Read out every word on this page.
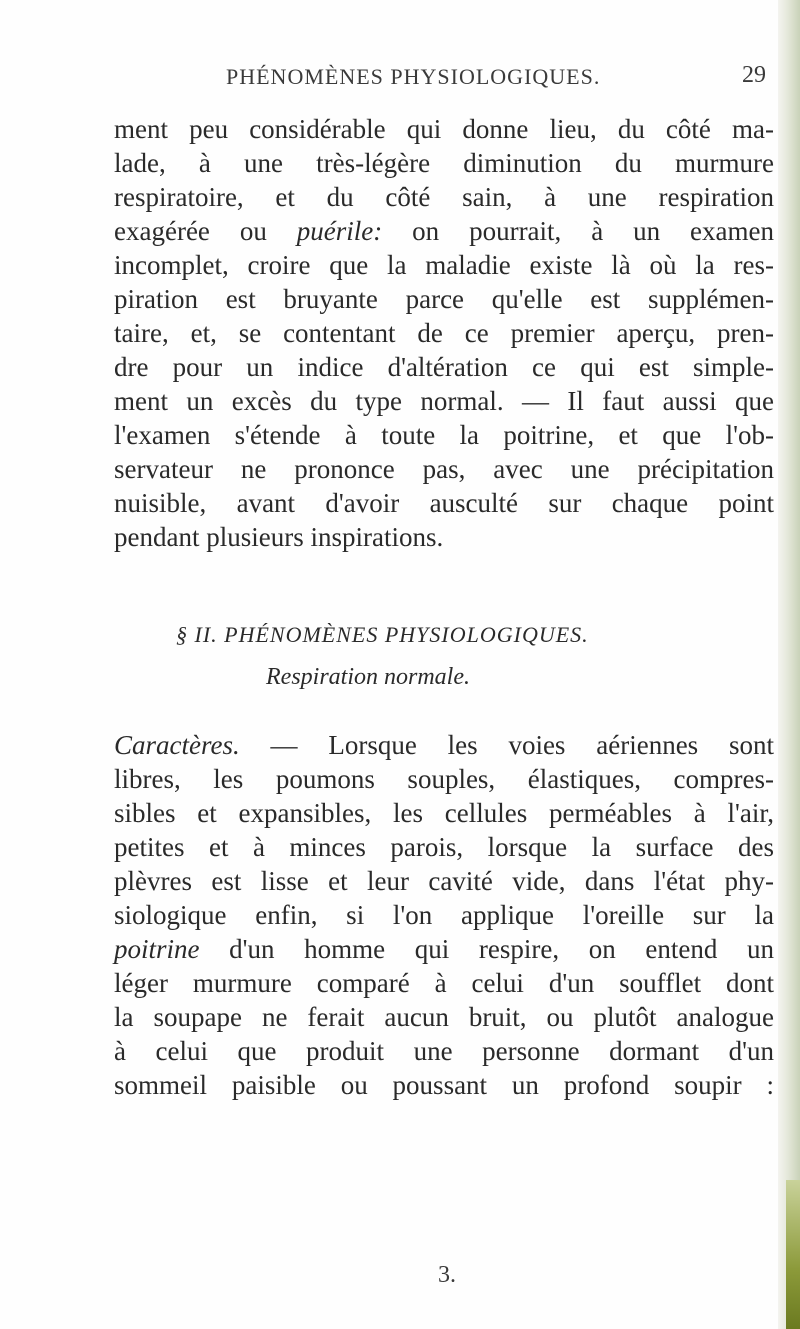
PHÉNOMÈNES PHYSIOLOGIQUES.	29
ment peu considérable qui donne lieu, du côté ma-
lade, à une très-légère diminution du murmure
respiratoire, et du côté sain, à une respiration
exagérée ou puérile: on pourrait, à un examen
incomplet, croire que la maladie existe là où la res-
piration est bruyante parce qu'elle est supplémen-
taire, et, se contentant de ce premier aperçu, pren-
dre pour un indice d'altération ce qui est simple-
ment un excès du type normal. — Il faut aussi que
l'examen s'étende à toute la poitrine, et que l'ob-
servateur ne prononce pas, avec une précipitation
nuisible, avant d'avoir ausculté sur chaque point
pendant plusieurs inspirations.
§ II. PHÉNOMÈNES PHYSIOLOGIQUES.
Respiration normale.
Caractères. — Lorsque les voies aériennes sont
libres, les poumons souples, élastiques, compres-
sibles et expansibles, les cellules perméables à l'air,
petites et à minces parois, lorsque la surface des
plèvres est lisse et leur cavité vide, dans l'état phy-
siologique enfin, si l'on applique l'oreille sur la
poitrine d'un homme qui respire, on entend un
léger murmure comparé à celui d'un soufflet dont
la soupape ne ferait aucun bruit, ou plutôt analogue
à celui que produit une personne dormant d'un
sommeil paisible ou poussant un profond soupir :
3.
